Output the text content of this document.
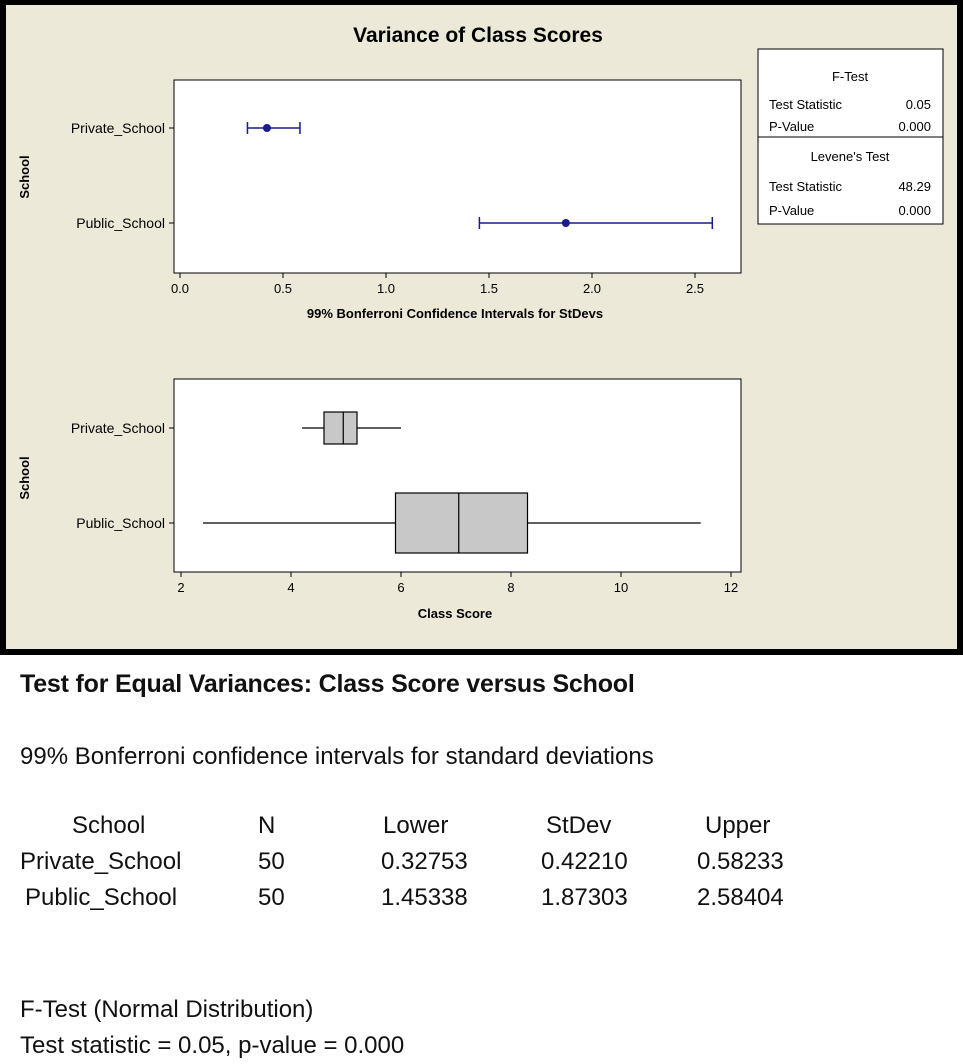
Variance of Class Scores
Private_School
Public_School
0.0	0.5	1.0	1.5	2.0	2.5
School
99% Bonferroni Confidence Intervals for StDevs
Private_School
Public_School
2	4	6	8	10	12
School
Class Score
F-Test
Test Statistic	0.05
P-Value	0.000
Levene's Test
Test Statistic	48.29
P-Value	0.000
Test for Equal Variances: Class Score versus School
99% Bonferroni confidence intervals for standard deviations
School	N	Lower	StDev	Upper
Private_School	50	0.32753	0.42210	0.58233
Public_School	50	1.45338	1.87303	2.58404
F-Test (Normal Distribution)
Test statistic = 0.05, p-value = 0.000
